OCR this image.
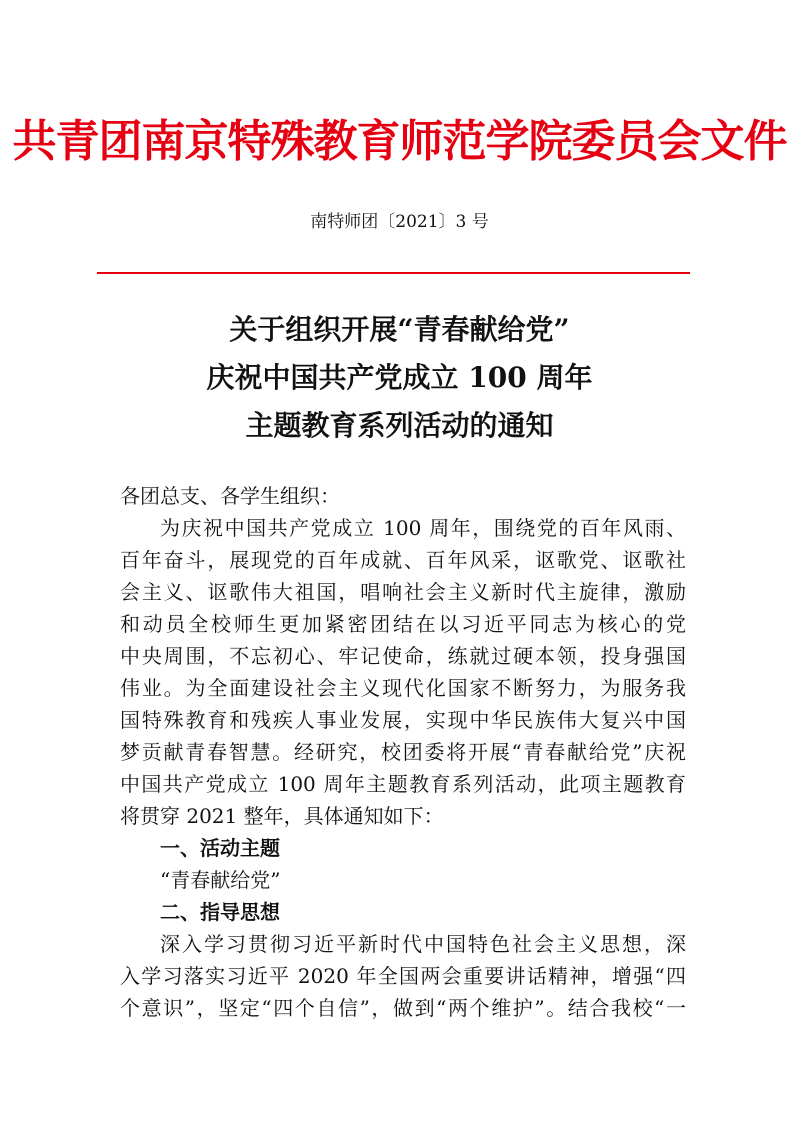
共青团南京特殊教育师范学院委员会文件
南特师团〔2021〕3 号
关于组织开展“青春献给党”
庆祝中国共产党成立 100 周年
主题教育系列活动的通知
各团总支、各学生组织：
为庆祝中国共产党成立 100 周年，围绕党的百年风雨、
百年奋斗，展现党的百年成就、百年风采，讴歌党、讴歌社
会主义、讴歌伟大祖国，唱响社会主义新时代主旋律，激励
和动员全校师生更加紧密团结在以习近平同志为核心的党
中央周围，不忘初心、牢记使命，练就过硬本领，投身强国
伟业。为全面建设社会主义现代化国家不断努力，为服务我
国特殊教育和残疾人事业发展，实现中华民族伟大复兴中国
梦贡献青春智慧。经研究，校团委将开展“青春献给党”庆祝
中国共产党成立 100 周年主题教育系列活动，此项主题教育
将贯穿 2021 整年，具体通知如下：
一、活动主题
“青春献给党”
二、指导思想
深入学习贯彻习近平新时代中国特色社会主义思想，深
入学习落实习近平 2020 年全国两会重要讲话精神，增强“四
个意识”，坚定“四个自信”，做到“两个维护”。结合我校“一
